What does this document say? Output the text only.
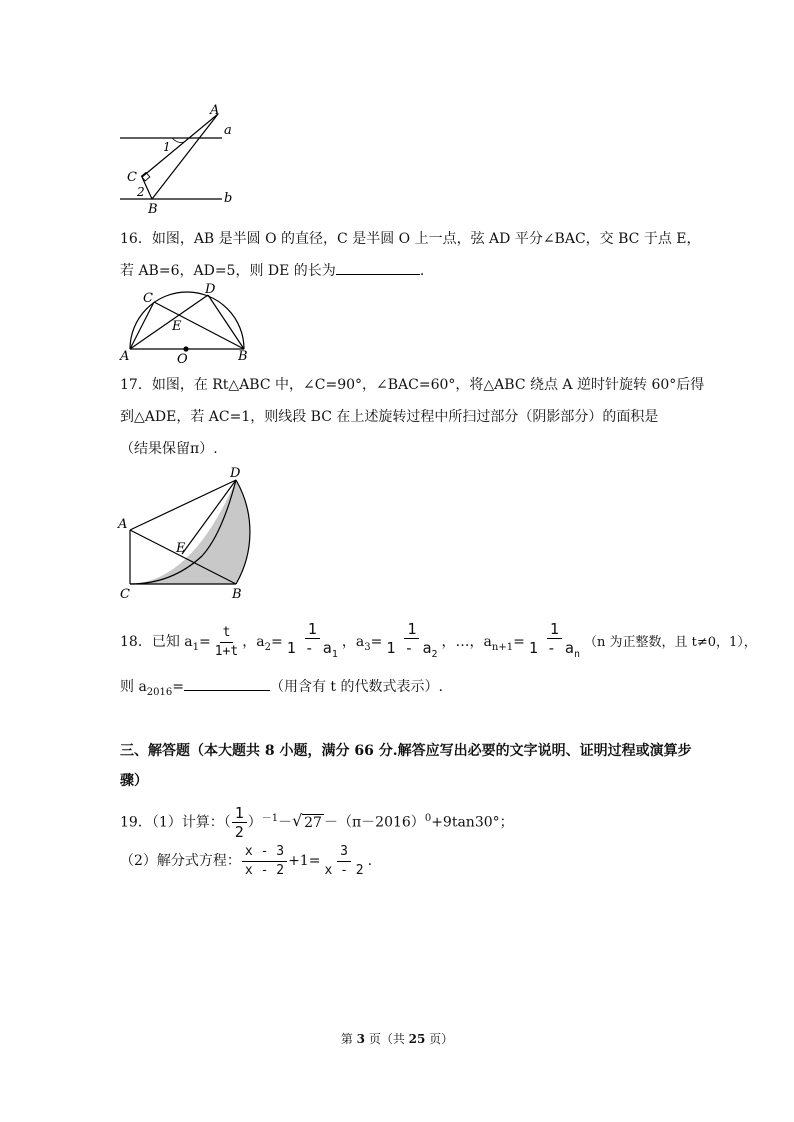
A
a
1
C
2
B
b
16．如图，AB 是半圆 O 的直径，C 是半圆 O 上一点，弦 AD 平分∠BAC，交 BC 于点 E，
若 AB=6，AD=5，则 DE 的长为	.
C
D
E
A	O	B
17．如图，在 Rt△ABC 中，∠C=90°，∠BAC=60°，将△ABC 绕点 A 逆时针旋转 60°后得
到△ADE，若 AC=1，则线段 BC 在上述旋转过程中所扫过部分（阴影部分）的面积是
（结果保留π）.
D
A
E
C	B
18．已知 $a_1= \frac{t}{1+t}$ ，$a_2= \frac{1}{1 - a_1}$ ，$a_3= \frac{1}{1 - a_2}$ ，…，$a_{n+1}= \frac{1}{1 - a_n} (n$ 为正整数，且 t≠0，1），
则 $a_{2016}=$	（用含有 t 的代数式表示）.
三、解答题（本大题共 8 小题，满分 66 分.解答应写出必要的文字说明、证明过程或演算步
骤）
19．（1）计算：（ $\frac{1}{2} )^{-1}-√$ $27 -(\pi-2016)^0+9\tan 30^\circ$；
（2）解分式方程： $\frac{x - 3}{x - 2} +1= \frac{3}{x - 2}$ .
第 3 页（共 25 页）
